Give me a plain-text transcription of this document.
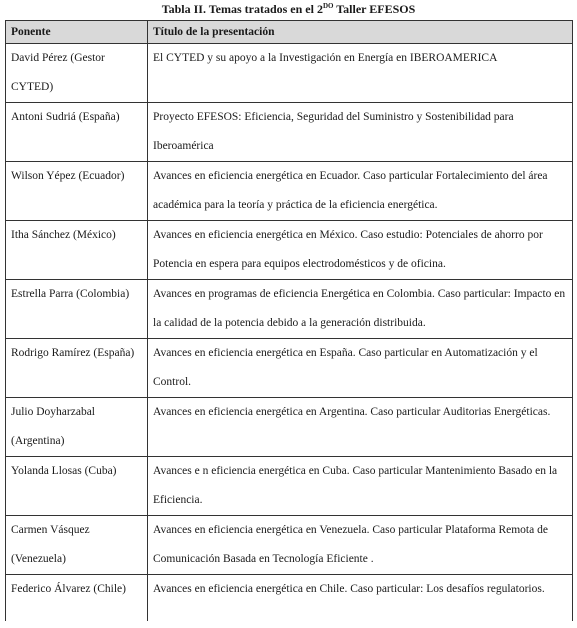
Tabla II. Temas tratados en el $2^{DO}$ Taller EFESOS
Ponente	Título de la presentación
David Pérez (Gestor CYTED)	El CYTED y su apoyo a la Investigación en Energía en IBEROAMERICA
Antoni Sudriá (España)	Proyecto EFESOS: Eficiencia, Seguridad del Suministro y Sostenibilidad para Iberoamérica
Wilson Yépez (Ecuador)	Avances en eficiencia energética en Ecuador. Caso particular Fortalecimiento del área académica para la teoría y práctica de la eficiencia energética.
Itha Sánchez (México)	Avances en eficiencia energética en México. Caso estudio: Potenciales de ahorro por Potencia en espera para equipos electrodomésticos y de oficina.
Estrella Parra (Colombia)	Avances en programas de eficiencia Energética en Colombia. Caso particular: Impacto en la calidad de la potencia debido a la generación distribuida.
Rodrigo Ramírez (España)	Avances en eficiencia energética en España. Caso particular en Automatización y el Control.
Julio Doyharzabal (Argentina)	Avances en eficiencia energética en Argentina. Caso particular Auditorias Energéticas.
Yolanda Llosas (Cuba)	Avances e n eficiencia energética en Cuba. Caso particular Mantenimiento Basado en la Eficiencia.
Carmen Vásquez (Venezuela)	Avances en eficiencia energética en Venezuela. Caso particular Plataforma Remota de Comunicación Basada en Tecnología Eficiente .
Federico Álvarez (Chile)	Avances en eficiencia energética en Chile. Caso particular: Los desafíos regulatorios.
